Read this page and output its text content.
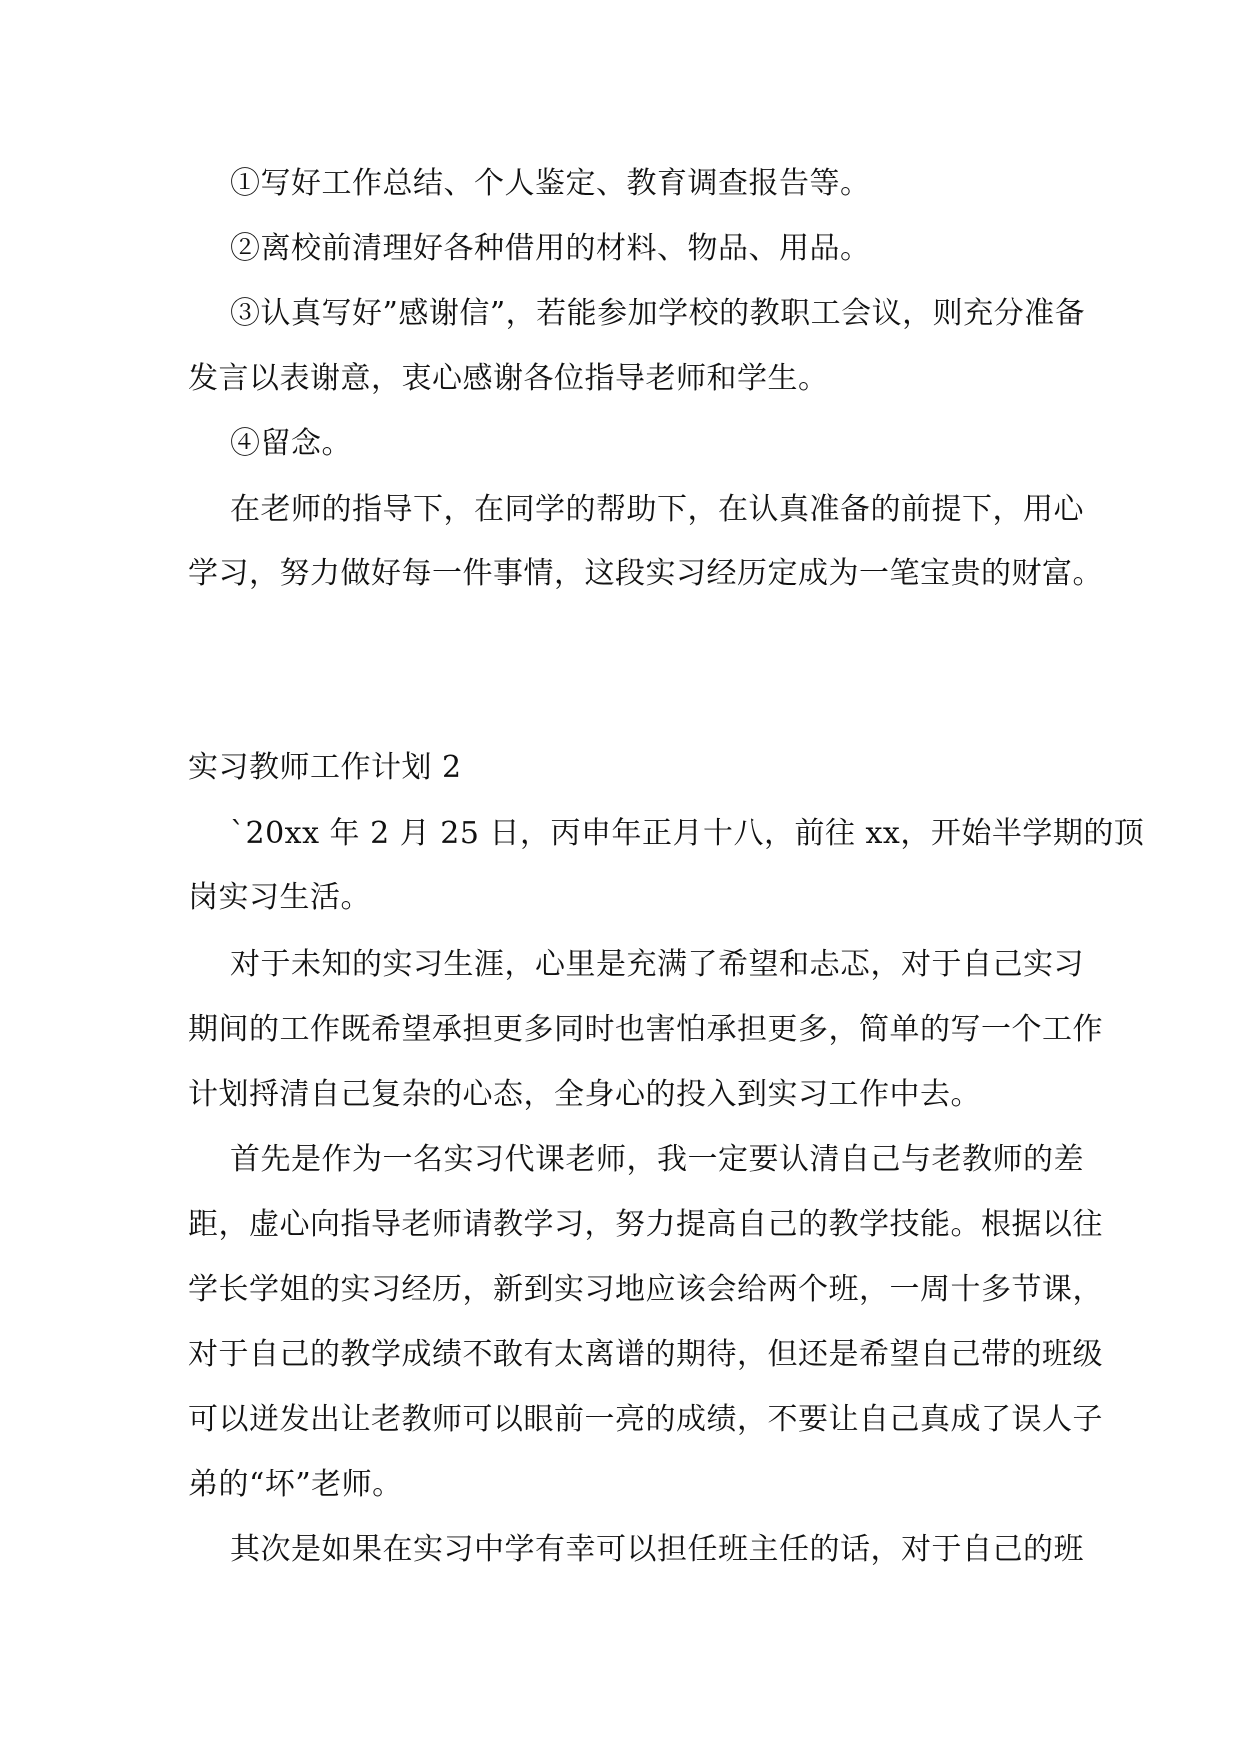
①写好工作总结、个人鉴定、教育调查报告等。
②离校前清理好各种借用的材料、物品、用品。
③认真写好”感谢信”，若能参加学校的教职工会议，则充分准备
发言以表谢意，衷心感谢各位指导老师和学生。
④留念。
在老师的指导下，在同学的帮助下，在认真准备的前提下，用心
学习，努力做好每一件事情，这段实习经历定成为一笔宝贵的财富。
实习教师工作计划 2
`20xx 年 2 月 25 日，丙申年正月十八，前往 xx，开始半学期的顶
岗实习生活。
对于未知的实习生涯，心里是充满了希望和忐忑，对于自己实习
期间的工作既希望承担更多同时也害怕承担更多，简单的写一个工作
计划捋清自己复杂的心态，全身心的投入到实习工作中去。
首先是作为一名实习代课老师，我一定要认清自己与老教师的差
距，虚心向指导老师请教学习，努力提高自己的教学技能。根据以往
学长学姐的实习经历，新到实习地应该会给两个班，一周十多节课，
对于自己的教学成绩不敢有太离谱的期待，但还是希望自己带的班级
可以迸发出让老教师可以眼前一亮的成绩，不要让自己真成了误人子
弟的“坏”老师。
其次是如果在实习中学有幸可以担任班主任的话，对于自己的班
